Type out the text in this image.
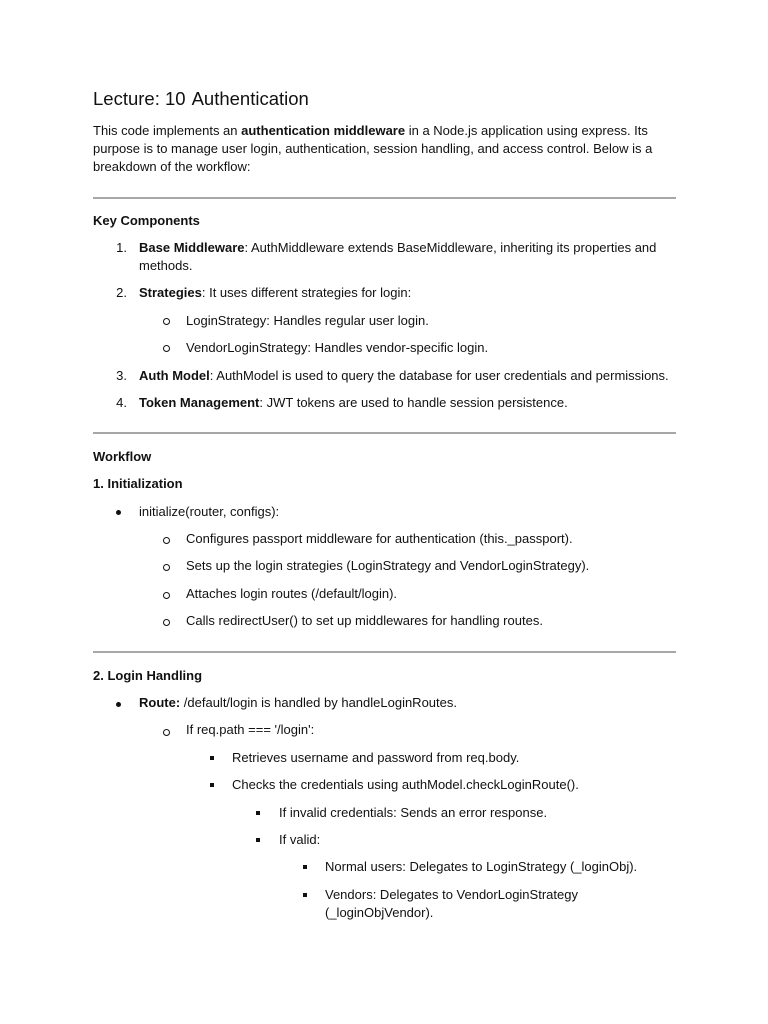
Lecture: 10 Authentication

This code implements an authentication middleware in a Node.js application using express. Its purpose is to manage user login, authentication, session handling, and access control. Below is a breakdown of the workflow:

Key Components
1. Base Middleware: AuthMiddleware extends BaseMiddleware, inheriting its properties and
methods.
2. Strategies: It uses different strategies for login:
LoginStrategy: Handles regular user login.
VendorLoginStrategy: Handles vendor-specific login.
3. Auth Model: AuthModel is used to query the database for user credentials and permissions.
4. Token Management: JWT tokens are used to handle session persistence.
Workflow
1. Initialization
initialize(router, configs):
Configures passport middleware for authentication (this._passport).
Sets up the login strategies (LoginStrategy and VendorLoginStrategy).
Attaches login routes (/default/login).
Calls redirectUser() to set up middlewares for handling routes.
2. Login Handling
Route: /default/login is handled by handleLoginRoutes.
If req.path === '/login':
Retrieves username and password from req.body.
Checks the credentials using authModel.checkLoginRoute().
If invalid credentials: Sends an error response.
If valid:
Normal users: Delegates to LoginStrategy (_loginObj).
Vendors: Delegates to VendorLoginStrategy
(_loginObjVendor).
